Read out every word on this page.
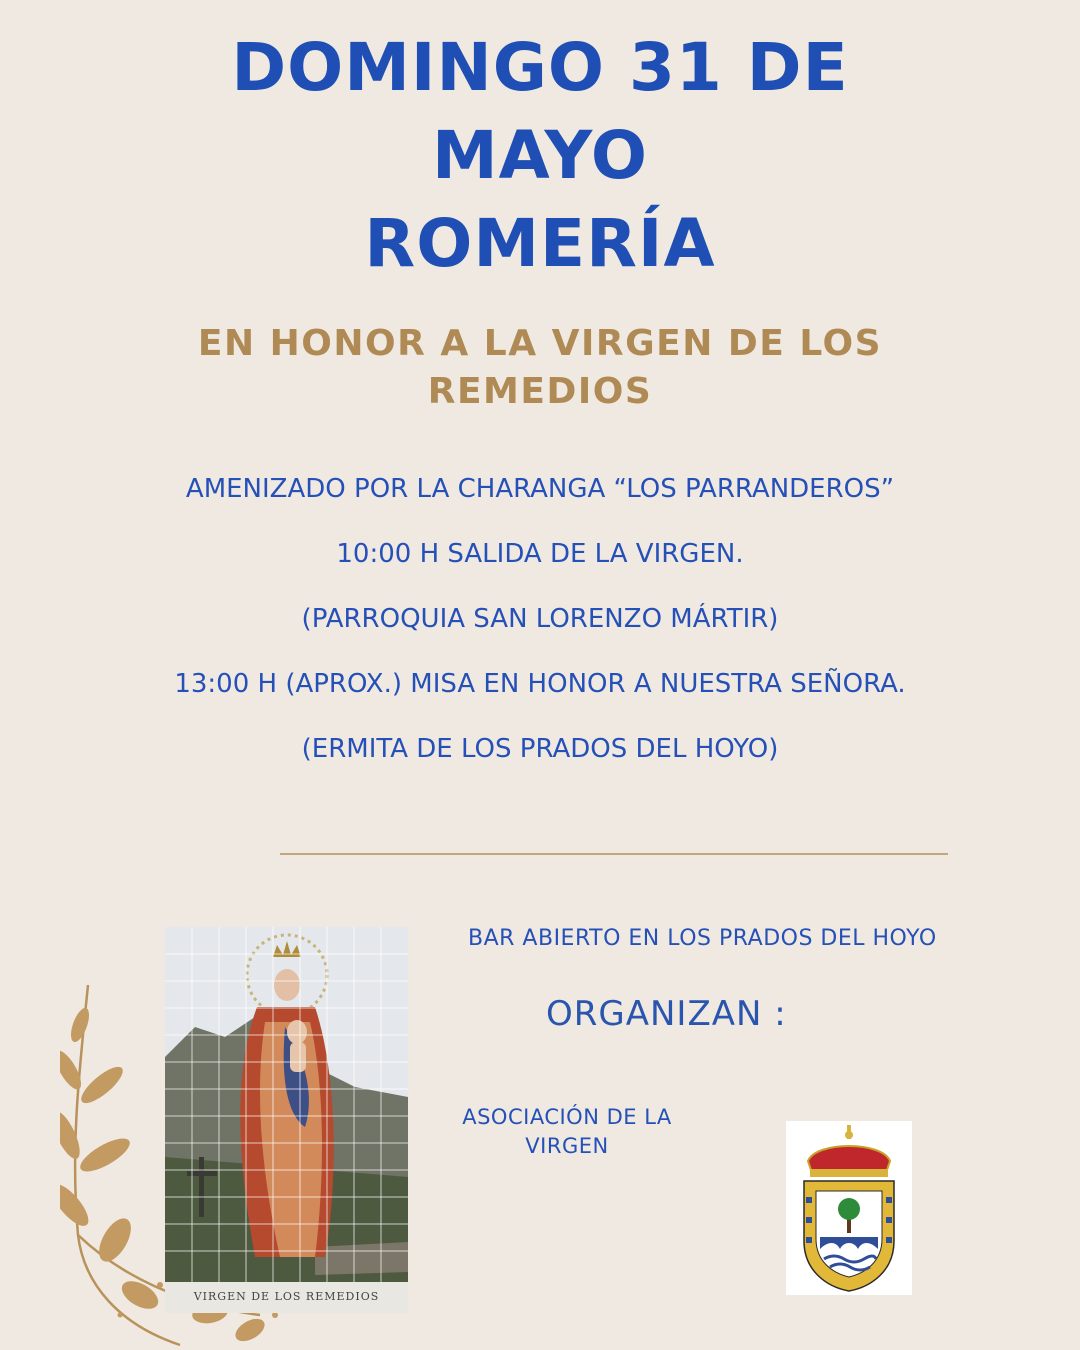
DOMINGO 31 DE
MAYO
ROMERÍA
EN HONOR A LA VIRGEN DE LOS
REMEDIOS
AMENIZADO POR LA CHARANGA “LOS PARRANDEROS”
10:00 H SALIDA DE LA VIRGEN.
(PARROQUIA SAN LORENZO MÁRTIR)
13:00 H (APROX.) MISA EN HONOR A NUESTRA SEÑORA.
(ERMITA DE LOS PRADOS DEL HOYO)
VIRGEN DE LOS REMEDIOS
BAR ABIERTO EN LOS PRADOS DEL HOYO
ORGANIZAN :
ASOCIACIÓN DE LA
VIRGEN
